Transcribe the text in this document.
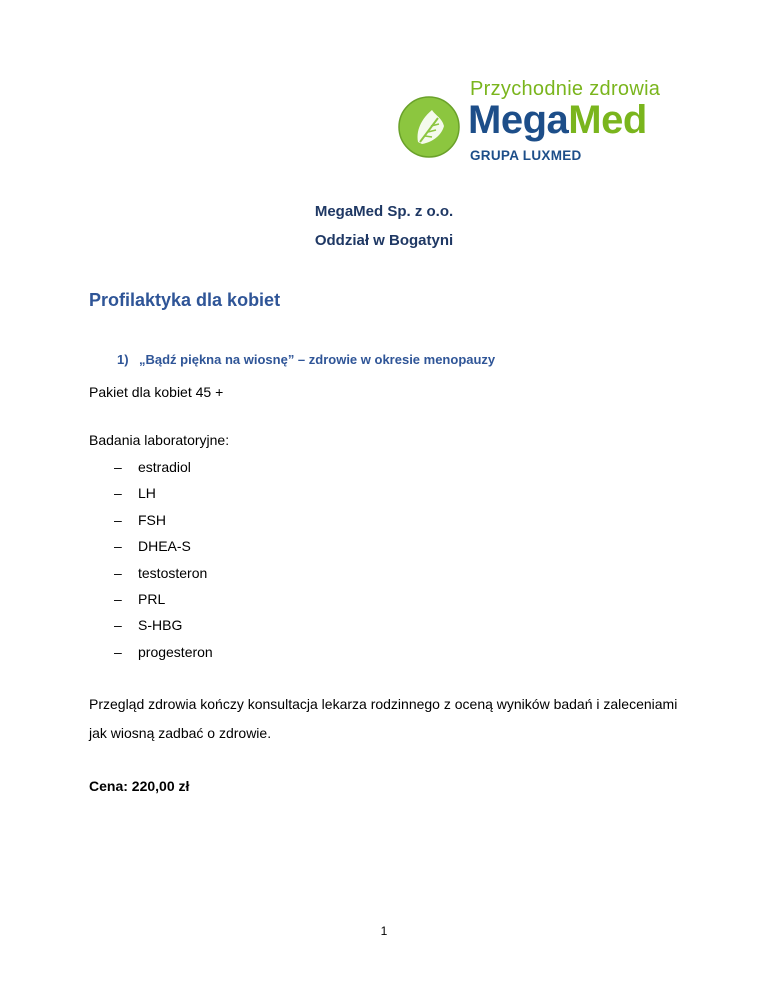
Przychodnie zdrowia
MegaMed
GRUPA LUXMED
MegaMed Sp. z o.o.
Oddział w Bogatyni
Profilaktyka dla kobiet
1) „Bądź piękna na wiosnę” – zdrowie w okresie menopauzy
Pakiet dla kobiet 45 +
Badania laboratoryjne:
– estradiol
– LH
– FSH
– DHEA-S
– testosteron
– PRL
– S-HBG
– progesteron
Przegląd zdrowia kończy konsultacja lekarza rodzinnego z oceną wyników badań i zaleceniami jak wiosną zadbać o zdrowie.
Cena: 220,00 zł
1
